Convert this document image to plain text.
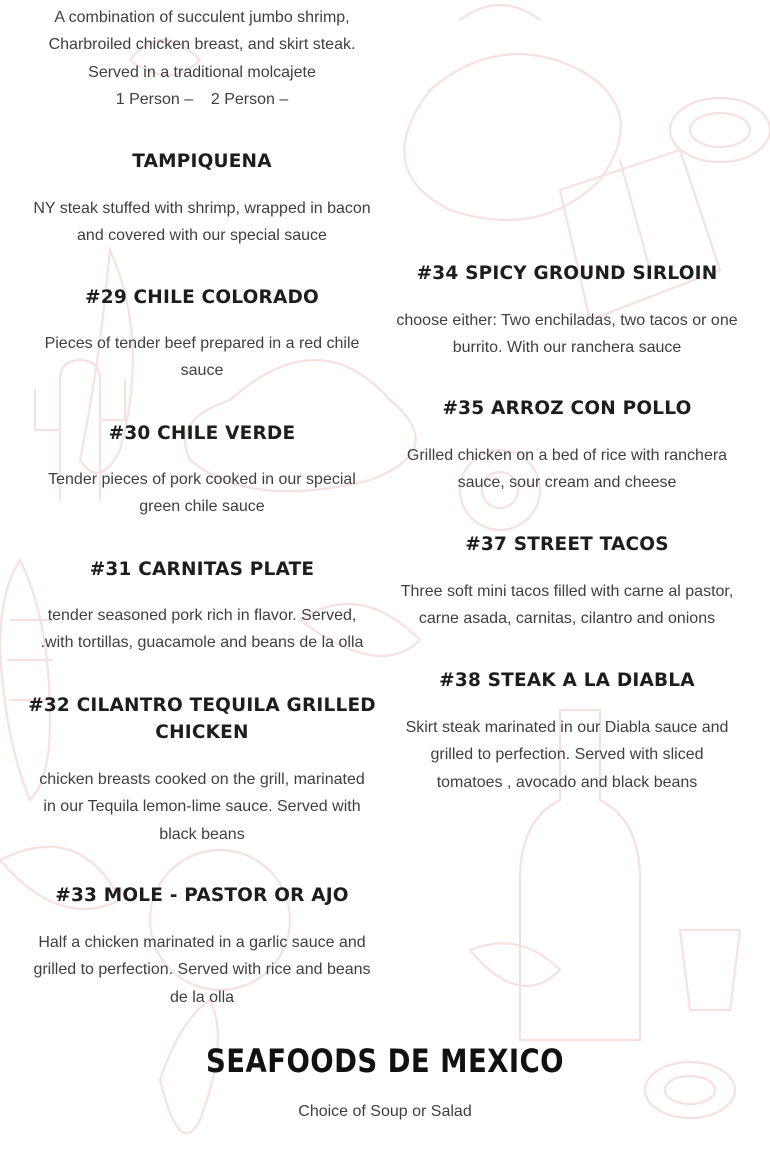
A combination of succulent jumbo shrimp,

Charbroiled chicken breast, and skirt steak.

Served in a traditional molcajete

1 Person –    2 Person –

TAMPIQUENA

NY steak stuffed with shrimp, wrapped in bacon

and covered with our special sauce

#29 CHILE COLORADO

Pieces of tender beef prepared in a red chile

sauce

#30 CHILE VERDE

Tender pieces of pork cooked in our special

green chile sauce

#31 CARNITAS PLATE

tender seasoned pork rich in flavor. Served,

.with tortillas, guacamole and beans de la olla

#32 CILANTRO TEQUILA GRILLED
CHICKEN

chicken breasts cooked on the grill, marinated

in our Tequila lemon-lime sauce. Served with

black beans

#33 MOLE - PASTOR OR AJO

Half a chicken marinated in a garlic sauce and

grilled to perfection. Served with rice and beans

de la olla

#34 SPICY GROUND SIRLOIN

choose either: Two enchiladas, two tacos or one

burrito. With our ranchera sauce

#35 ARROZ CON POLLO

Grilled chicken on a bed of rice with ranchera

sauce, sour cream and cheese

#37 STREET TACOS

Three soft mini tacos filled with carne al pastor,

carne asada, carnitas, cilantro and onions

#38 STEAK A LA DIABLA

Skirt steak marinated in our Diabla sauce and

grilled to perfection. Served with sliced

tomatoes , avocado and black beans

SEAFOODS DE MEXICO

Choice of Soup or Salad
